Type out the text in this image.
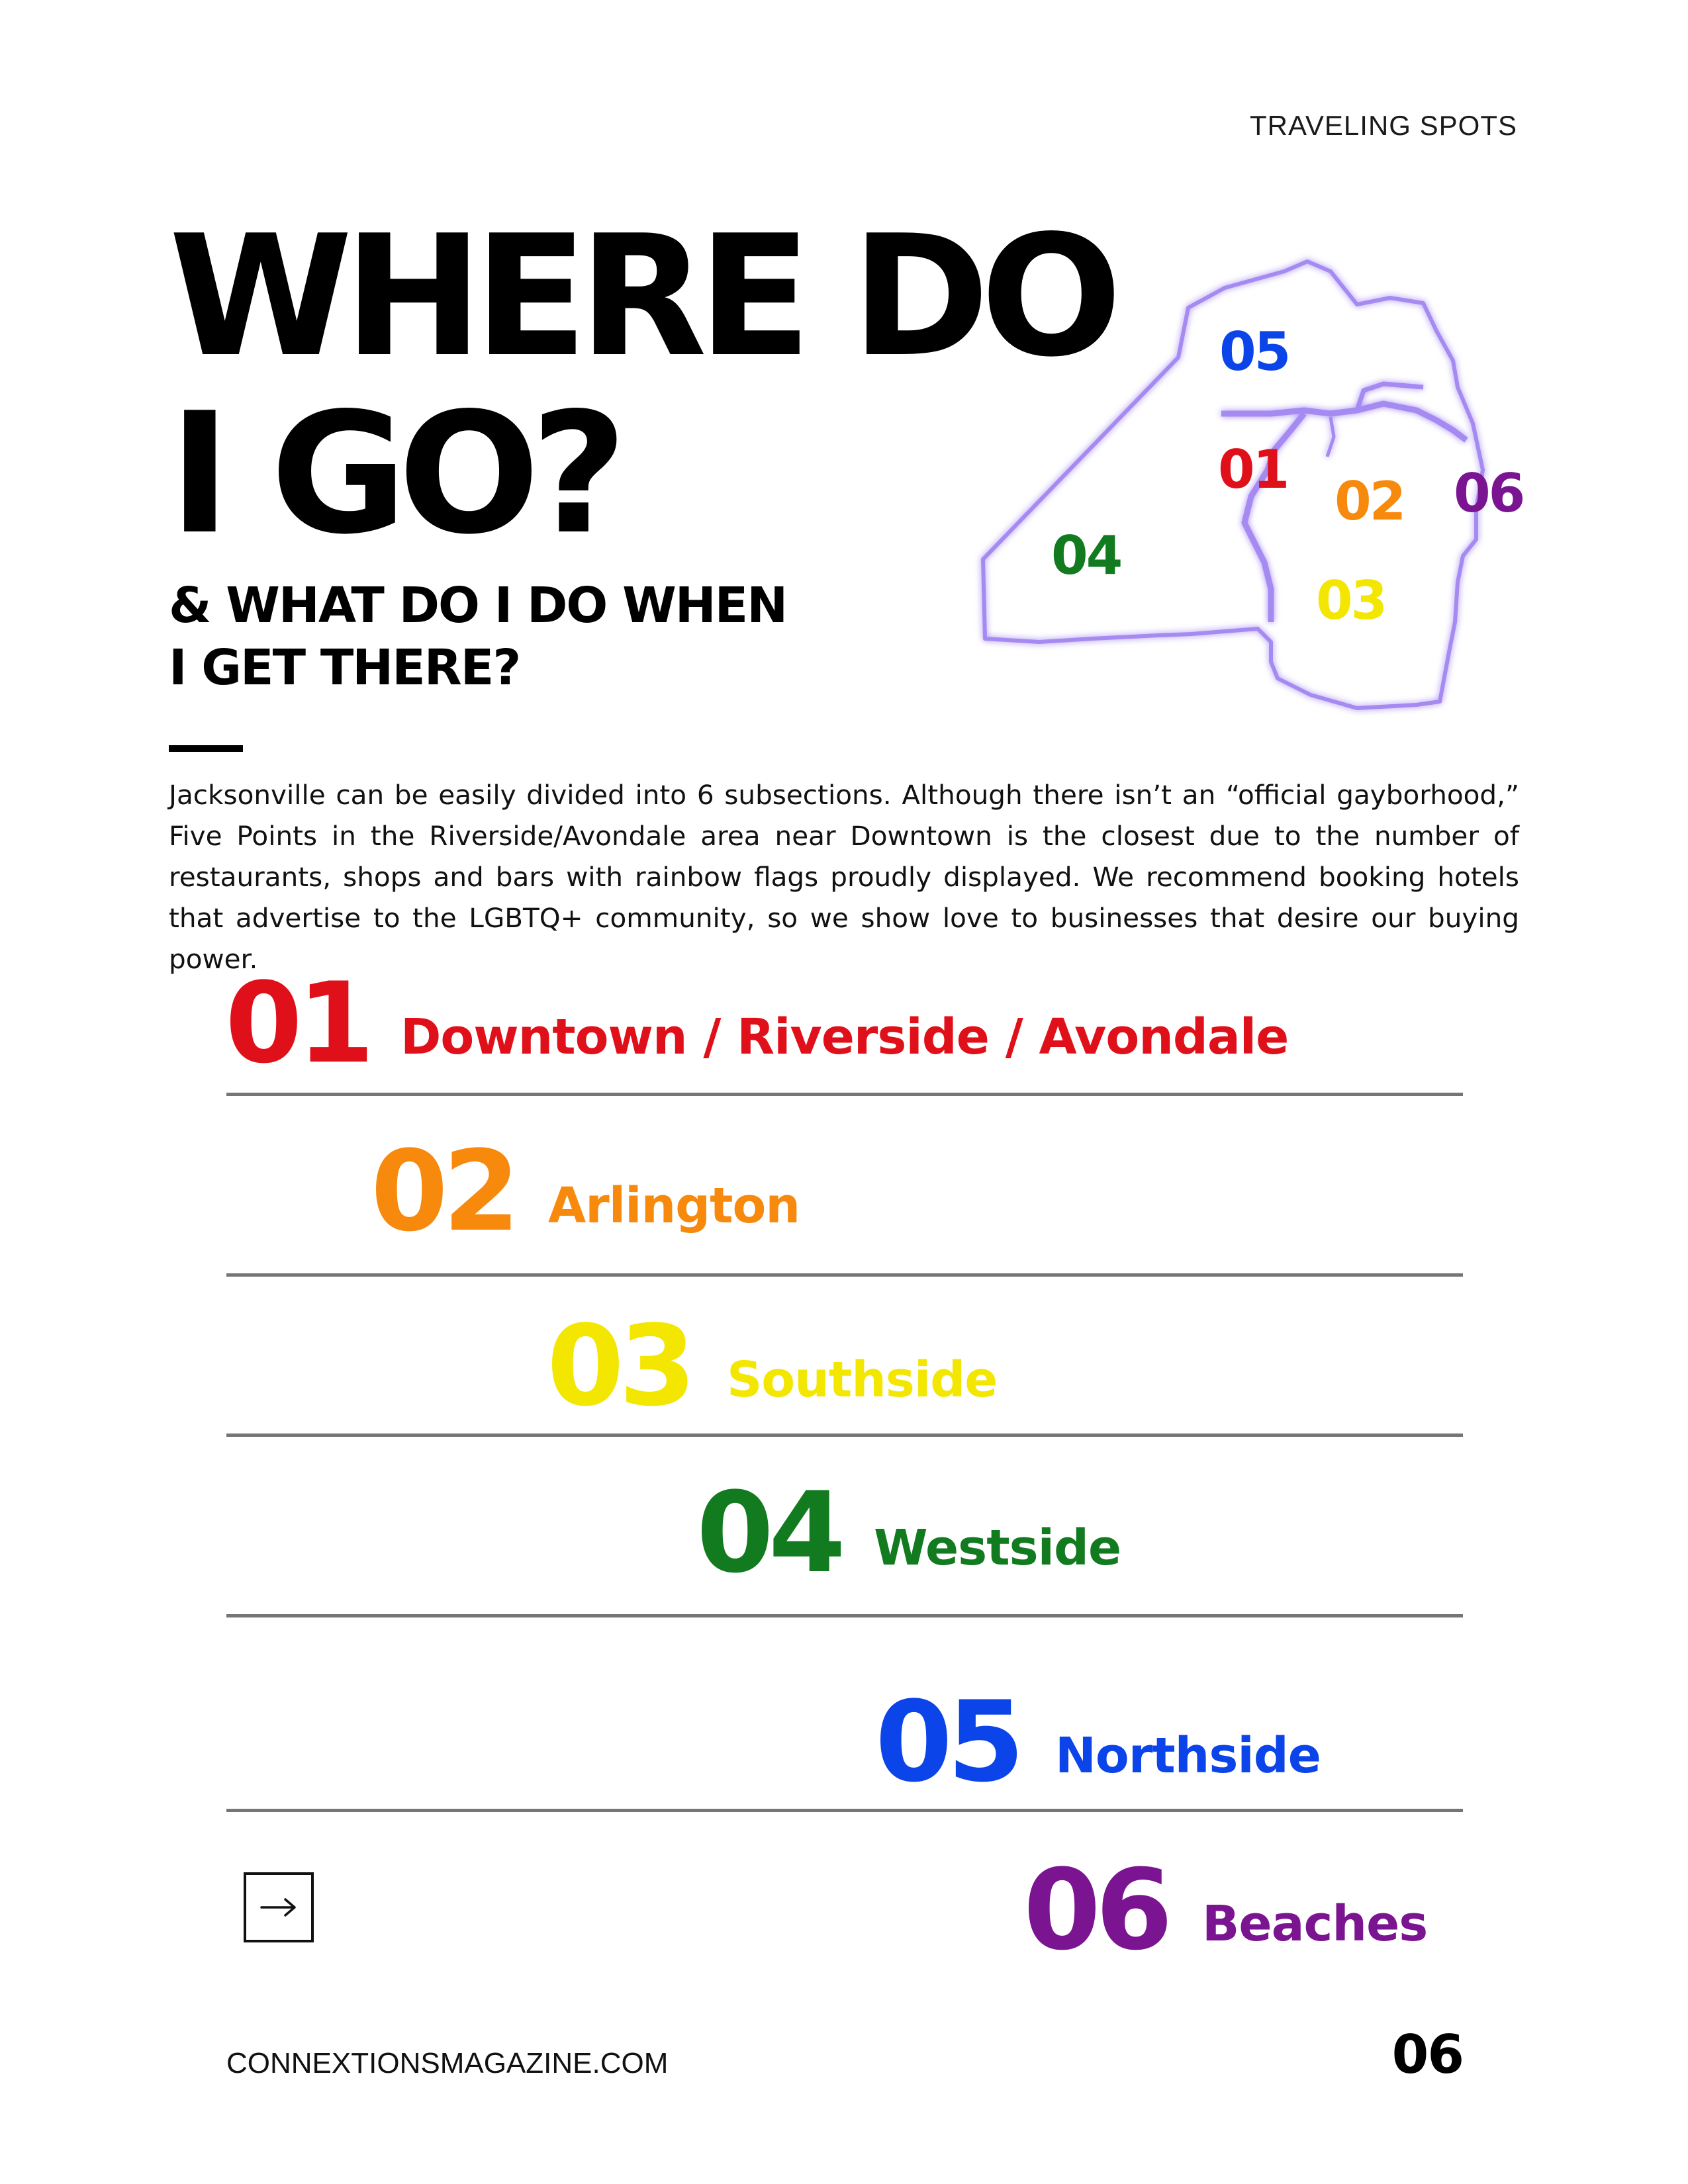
TRAVELING SPOTS
WHERE DO
I GO?
& WHAT DO I DO WHEN
I GET THERE?
Jacksonville can be easily divided into 6 subsections. Although there isn’t an “official gayborhood,” Five Points in the Riverside/Avondale area near Downtown is the closest due to the number of restaurants, shops and bars with rainbow flags proudly displayed. We recommend booking hotels that advertise to the LGBTQ+ community, so we show love to businesses that desire our buying power.
05
01
02 06
04
03
01 Downtown / Riverside / Avondale
02 Arlington
03 Southside
04 Westside
05 Northside
06 Beaches
CONNEXTIONSMAGAZINE.COM	06
